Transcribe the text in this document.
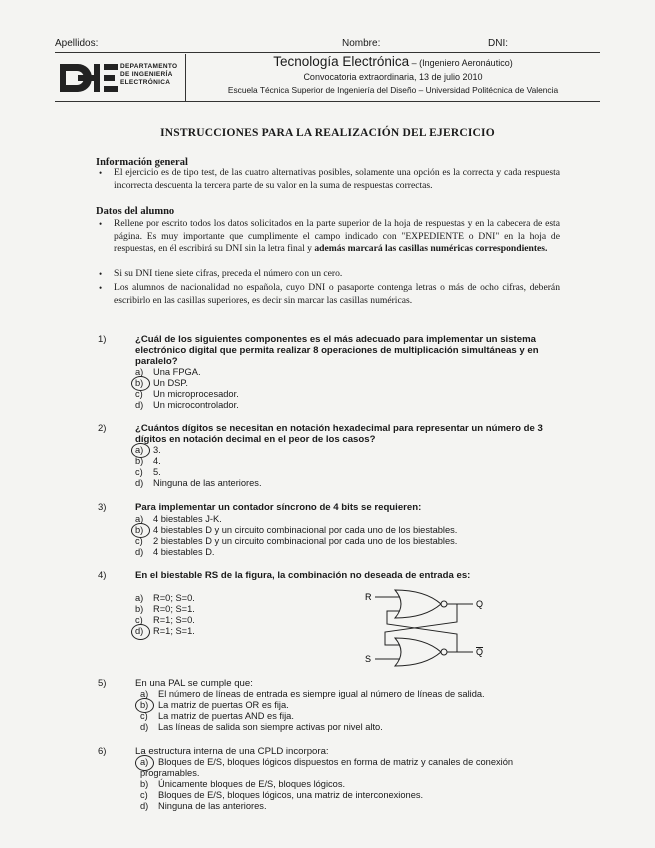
Apellidos:	Nombre:	DNI:
DEPARTAMENTO
DE INGENIERÍA
ELECTRÓNICA
Tecnología Electrónica – (Ingeniero Aeronáutico)
Convocatoria extraordinaria, 13 de julio 2010
Escuela Técnica Superior de Ingeniería del Diseño – Universidad Politécnica de Valencia
INSTRUCCIONES PARA LA REALIZACIÓN DEL EJERCICIO
Información general
• El ejercicio es de tipo test, de las cuatro alternativas posibles, solamente una opción es la correcta y cada respuesta incorrecta descuenta la tercera parte de su valor en la suma de respuestas correctas.
Datos del alumno
• Rellene por escrito todos los datos solicitados en la parte superior de la hoja de respuestas y en la cabecera de esta página. Es muy importante que cumplimente el campo indicado con "EXPEDIENTE o DNI" en la hoja de respuestas, en él escribirá su DNI sin la letra final y además marcará las casillas numéricas correspondientes.
• Si su DNI tiene siete cifras, preceda el número con un cero.
• Los alumnos de nacionalidad no española, cuyo DNI o pasaporte contenga letras o más de ocho cifras, deberán escribirlo en las casillas superiores, es decir sin marcar las casillas numéricas.
1)	¿Cuál de los siguientes componentes es el más adecuado para implementar un sistema electrónico digital que permita realizar 8 operaciones de multiplicación simultáneas y en paralelo?
a) Una FPGA.
b) Un DSP.
c) Un microprocesador.
d) Un microcontrolador.
2)	¿Cuántos dígitos se necesitan en notación hexadecimal para representar un número de 3 dígitos en notación decimal en el peor de los casos?
a) 3.
b) 4.
c) 5.
d) Ninguna de las anteriores.
3)	Para implementar un contador síncrono de 4 bits se requieren:
a) 4 biestables J-K.
b) 4 biestables D y un circuito combinacional por cada uno de los biestables.
c) 2 biestables D y un circuito combinacional por cada uno de los biestables.
d) 4 biestables D.
4)	En el biestable RS de la figura, la combinación no deseada de entrada es:
a) R=0; S=0.
b) R=0; S=1.
c) R=1; S=0.
d) R=1; S=1.
R
S
Q
Q
5)	En una PAL se cumple que:
a) El número de líneas de entrada es siempre igual al número de líneas de salida.
b) La matriz de puertas OR es fija.
c) La matriz de puertas AND es fija.
d) Las líneas de salida son siempre activas por nivel alto.
6)	La estructura interna de una CPLD incorpora:
a) Bloques de E/S, bloques lógicos dispuestos en forma de matriz y canales de conexión programables.
b) Únicamente bloques de E/S, bloques lógicos.
c) Bloques de E/S, bloques lógicos, una matriz de interconexiones.
d) Ninguna de las anteriores.
